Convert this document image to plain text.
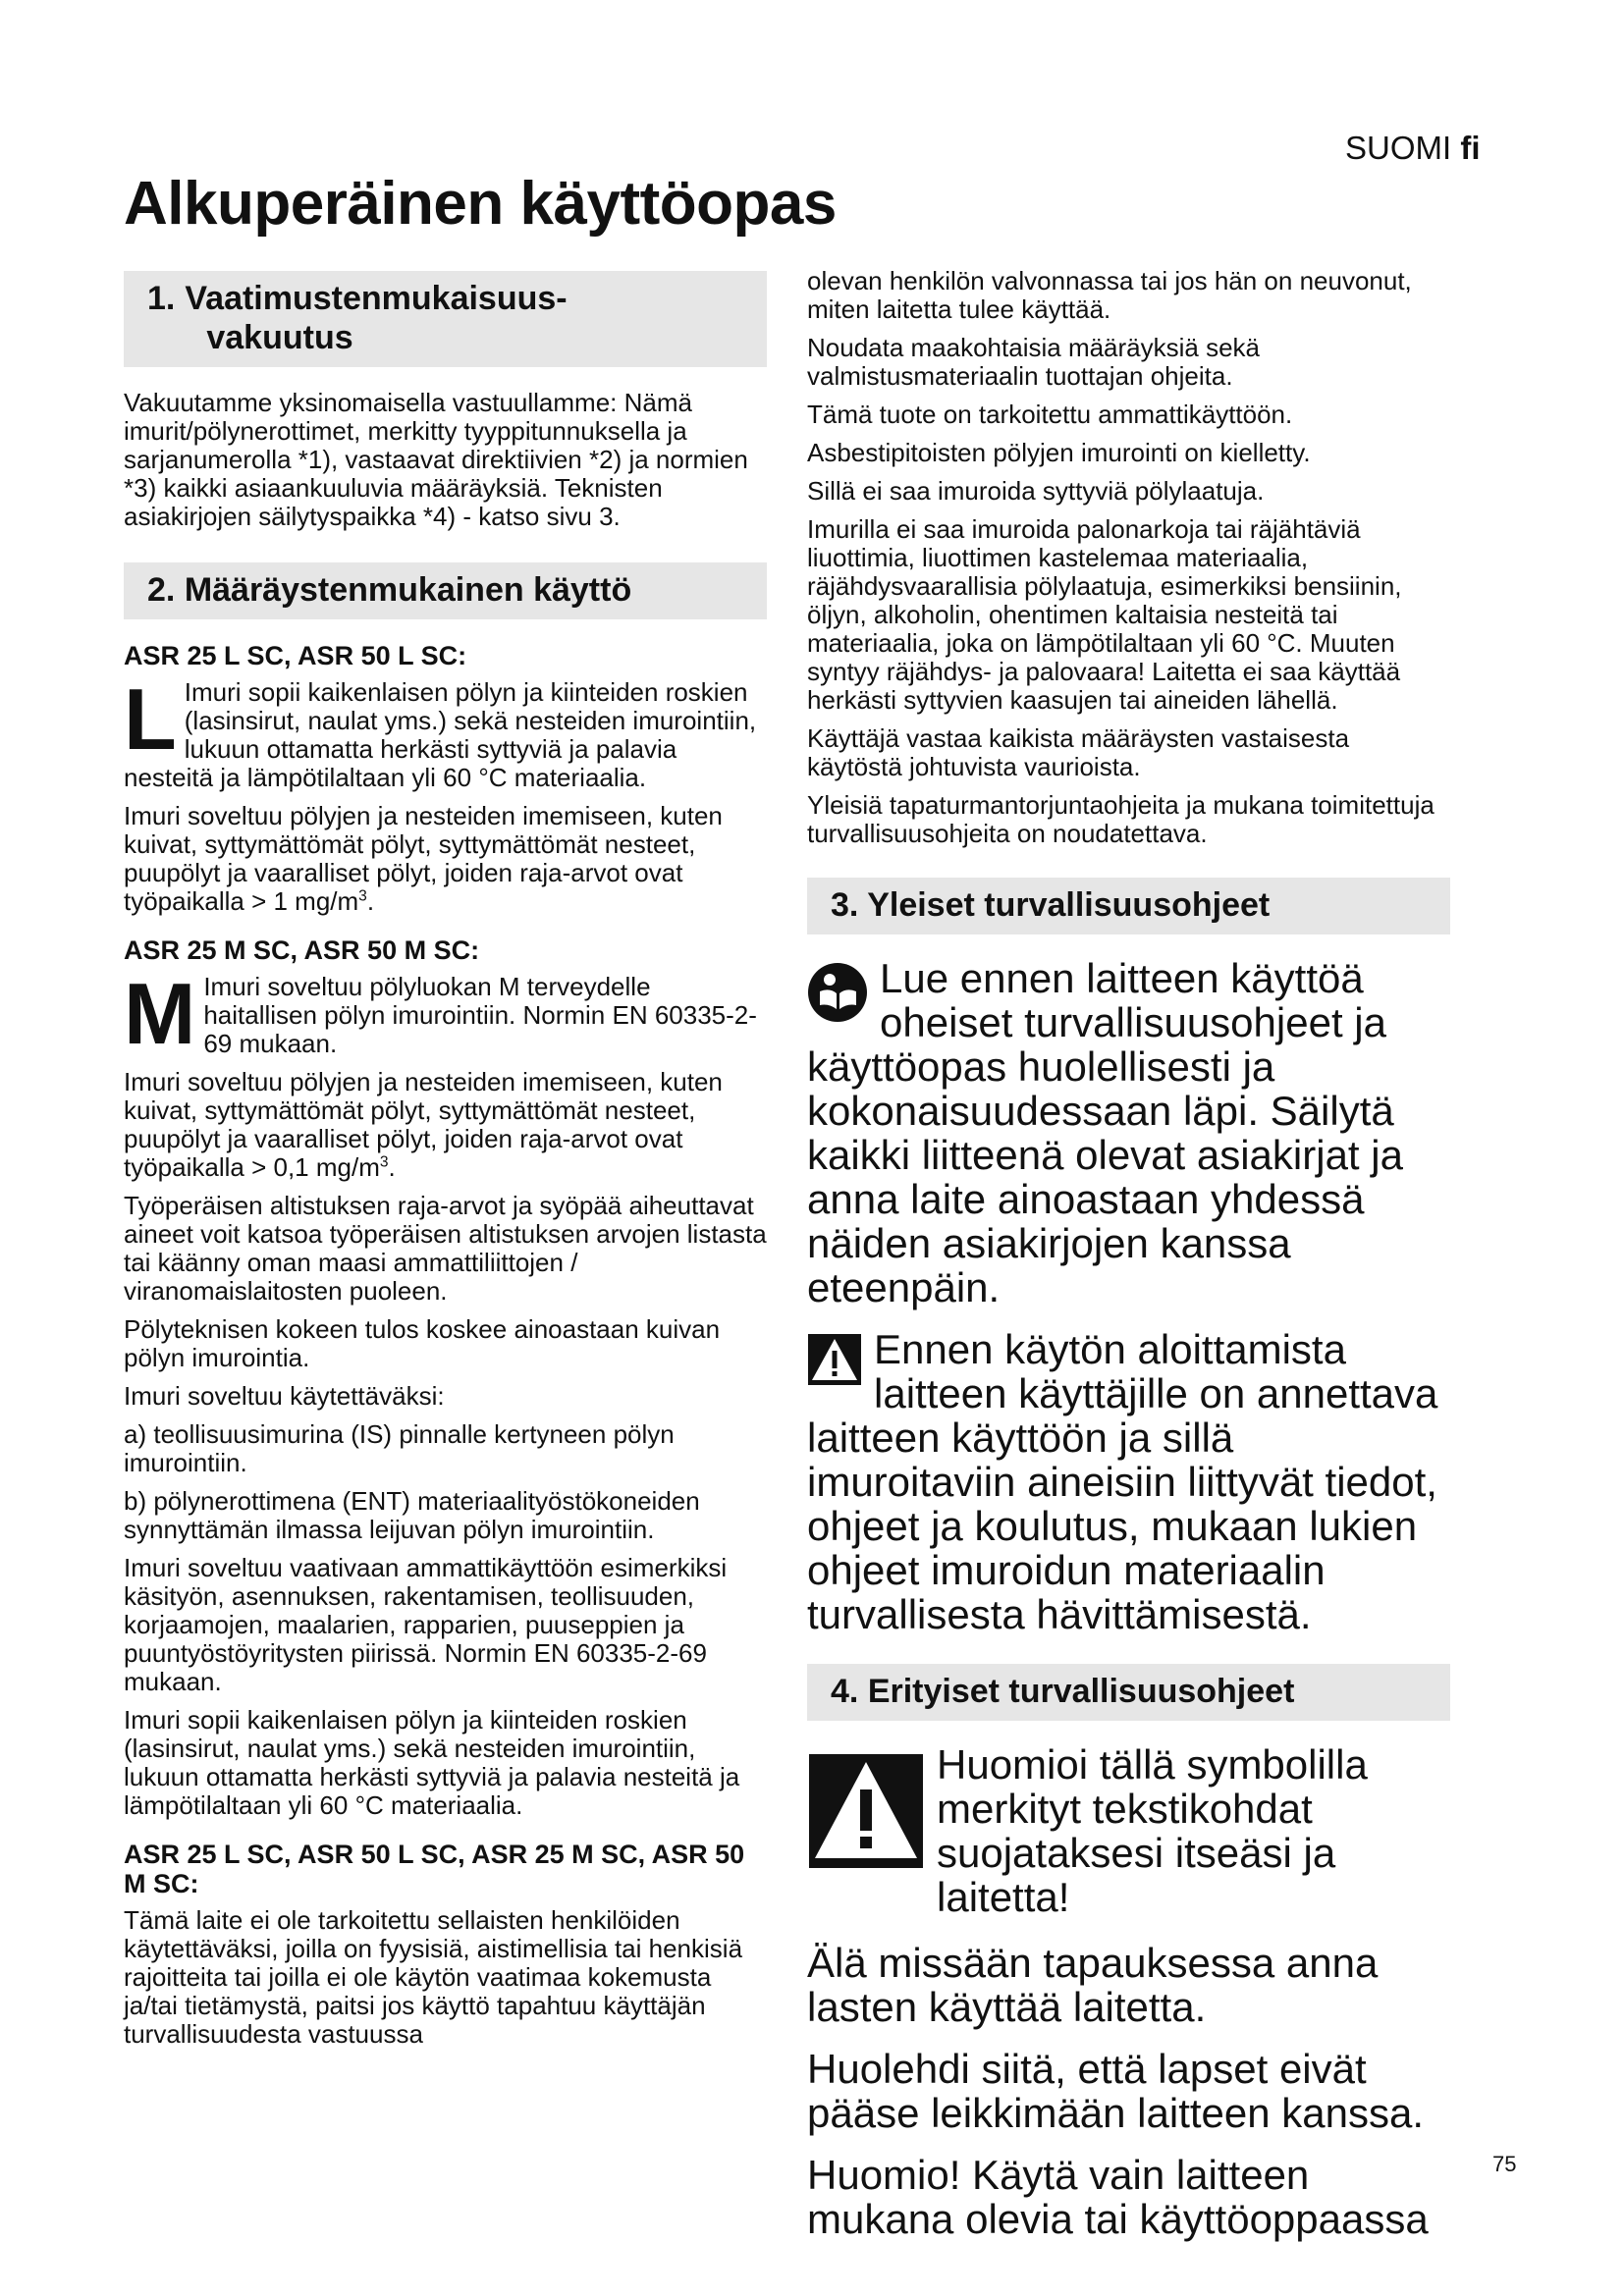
SUOMI fi
Alkuperäinen käyttöopas
1. Vaatimustenmukaisuus-
vakuutus

Vakuutamme yksinomaisella vastuullamme: Nämä imurit/pölynerottimet, merkitty tyyppitunnuksella ja sarjanumerolla *1), vastaavat direktiivien *2) ja normien *3) kaikki asiaankuuluvia määräyksiä. Teknisten asiakirjojen säilytyspaikka *4) - katso sivu 3.

2. Määräystenmukainen käyttö
ASR 25 L SC, ASR 50 L SC:

L Imuri sopii kaikenlaisen pölyn ja kiinteiden roskien (lasinsirut, naulat yms.) sekä nesteiden imurointiin, lukuun ottamatta herkästi syttyviä ja palavia nesteitä ja lämpötilaltaan yli 60 °C materiaalia.

Imuri soveltuu pölyjen ja nesteiden imemiseen, kuten kuivat, syttymättömät pölyt, syttymättömät nesteet, puupölyt ja vaaralliset pölyt, joiden raja-arvot ovat työpaikalla > 1 $mg/m^3$.

ASR 25 M SC, ASR 50 M SC:

M Imuri soveltuu pölyluokan M terveydelle haitallisen pölyn imurointiin. Normin EN 60335-2-69 mukaan.

Imuri soveltuu pölyjen ja nesteiden imemiseen, kuten kuivat, syttymättömät pölyt, syttymättömät nesteet, puupölyt ja vaaralliset pölyt, joiden raja-arvot ovat työpaikalla > 0,1 $mg/m^3$.

Työperäisen altistuksen raja-arvot ja syöpää aiheuttavat aineet voit katsoa työperäisen altistuksen arvojen listasta tai käänny oman maasi ammattiliittojen / viranomaislaitosten puoleen.

Pölyteknisen kokeen tulos koskee ainoastaan kuivan pölyn imurointia.

Imuri soveltuu käytettäväksi:

a) teollisuusimurina (IS) pinnalle kertyneen pölyn imurointiin.

b) pölynerottimena (ENT) materiaalityöstökoneiden synnyttämän ilmassa leijuvan pölyn imurointiin.

Imuri soveltuu vaativaan ammattikäyttöön esimerkiksi käsityön, asennuksen, rakentamisen, teollisuuden, korjaamojen, maalarien, rapparien, puuseppien ja puuntyöstöyritysten piirissä. Normin EN 60335-2-69 mukaan.

Imuri sopii kaikenlaisen pölyn ja kiinteiden roskien (lasinsirut, naulat yms.) sekä nesteiden imurointiin, lukuun ottamatta herkästi syttyviä ja palavia nesteitä ja lämpötilaltaan yli 60 °C materiaalia.

ASR 25 L SC, ASR 50 L SC, ASR 25 M SC, ASR 50 M SC:

Tämä laite ei ole tarkoitettu sellaisten henkilöiden käytettäväksi, joilla on fyysisiä, aistimellisia tai henkisiä rajoitteita tai joilla ei ole käytön vaatimaa kokemusta ja/tai tietämystä, paitsi jos käyttö tapahtuu käyttäjän turvallisuudesta vastuussa

olevan henkilön valvonnassa tai jos hän on neuvonut, miten laitetta tulee käyttää.

Noudata maakohtaisia määräyksiä sekä valmistusmateriaalin tuottajan ohjeita.

Tämä tuote on tarkoitettu ammattikäyttöön.

Asbestipitoisten pölyjen imurointi on kielletty.

Sillä ei saa imuroida syttyviä pölylaatuja.

Imurilla ei saa imuroida palonarkoja tai räjähtäviä liuottimia, liuottimen kastelemaa materiaalia, räjähdysvaarallisia pölylaatuja, esimerkiksi bensiinin, öljyn, alkoholin, ohentimen kaltaisia nesteitä tai materiaalia, joka on lämpötilaltaan yli 60 °C. Muuten syntyy räjähdys- ja palovaara! Laitetta ei saa käyttää herkästi syttyvien kaasujen tai aineiden lähellä.

Käyttäjä vastaa kaikista määräysten vastaisesta käytöstä johtuvista vaurioista.

Yleisiä tapaturmantorjuntaohjeita ja mukana toimitettuja turvallisuusohjeita on noudatettava.

3. Yleiset turvallisuusohjeet

Lue ennen laitteen käyttöä oheiset turvallisuusohjeet ja käyttöopas huolellisesti ja kokonaisuudessaan läpi. Säilytä kaikki liitteenä olevat asiakirjat ja anna laite ainoastaan yhdessä näiden asiakirjojen kanssa eteenpäin.

Ennen käytön aloittamista laitteen käyttäjille on annettava laitteen käyttöön ja sillä imuroitaviin aineisiin liittyvät tiedot, ohjeet ja koulutus, mukaan lukien ohjeet imuroidun materiaalin turvallisesta hävittämisestä.

4. Erityiset turvallisuusohjeet

Huomioi tällä symbolilla merkityt tekstikohdat suojataksesi itseäsi ja laitetta!

Älä missään tapauksessa anna lasten käyttää laitetta.

Huolehdi siitä, että lapset eivät pääse leikkimään laitteen kanssa.

Huomio! Käytä vain laitteen mukana olevia tai käyttöoppaassa

75
